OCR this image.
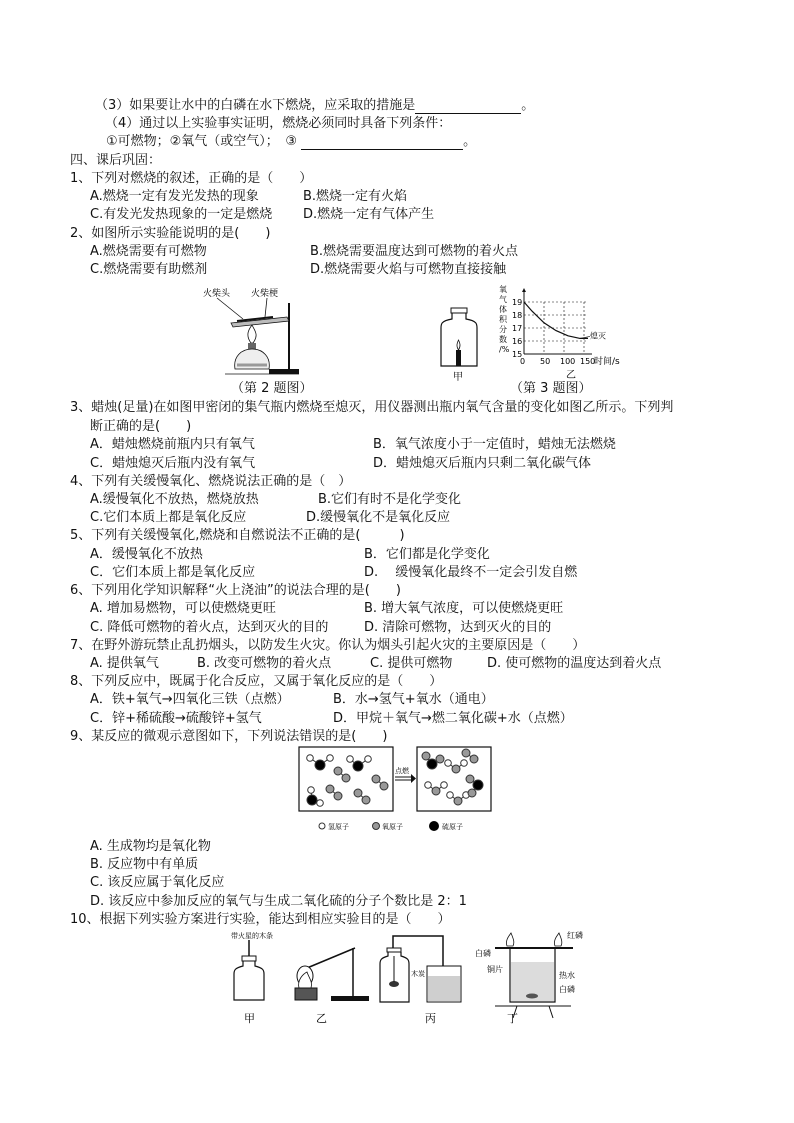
（3）如果要让水中的白磷在水下燃烧，应采取的措施是	。
（4）通过以上实验事实证明，燃烧必须同时具备下列条件：
①可燃物；②氧气（或空气）；　 ③	。
四、课后巩固：
1、下列对燃烧的叙述，正确的是（　　）
A.燃烧一定有发光发热的现象	B.燃烧一定有火焰
C.有发光发热现象的一定是燃烧 D.燃烧一定有气体产生
2、如图所示实验能说明的是(　　)
A.燃烧需要有可燃物	B.燃烧需要温度达到可燃物的着火点
C.燃烧需要有助燃剂	D.燃烧需要火焰与可燃物直接接触
火柴头 火柴梗
（第 2 题图）
甲
氧
气
体
积
分
数
/%
19
18
17
16
15
0 50 100 150
熄灭
时间/s
乙
（第 3 题图）
3、蜡烛(足量)在如图甲密闭的集气瓶内燃烧至熄灭，用仪器测出瓶内氧气含量的变化如图乙所示。下列判
断正确的是(　　)
A．蜡烛燃烧前瓶内只有氧气	B．氧气浓度小于一定值时，蜡烛无法燃烧
C．蜡烛熄灭后瓶内没有氧气	D．蜡烛熄灭后瓶内只剩二氧化碳气体
4、下列有关缓慢氧化、燃烧说法正确的是（　）
A.缓慢氧化不放热，燃烧放热	B.它们有时不是化学变化
C.它们本质上都是氧化反应	D.缓慢氧化不是氧化反应
5、下列有关缓慢氧化,燃烧和自燃说法不正确的是(　　　)
A．缓慢氧化不放热	B．它们都是化学变化
C．它们本质上都是氧化反应	D.　 缓慢氧化最终不一定会引发自燃
6、下列用化学知识解释“火上浇油”的说法合理的是(　　)
A. 增加易燃物，可以使燃烧更旺	B. 增大氧气浓度，可以使燃烧更旺
C. 降低可燃物的着火点，达到灭火的目的	D. 清除可燃物，达到灭火的目的
7、在野外游玩禁止乱扔烟头，以防发生火灾。你认为烟头引起火灾的主要原因是（　　）
A. 提供氧气	B. 改变可燃物的着火点	C. 提供可燃物	D. 使可燃物的温度达到着火点
8、下列反应中，既属于化合反应，又属于氧化反应的是（　　）
A．铁+氧气→四氧化三铁（点燃）	B．水→氢气+氧水（通电）
C．锌+稀硫酸→硫酸锌+氢气	D．甲烷＋氧气→燃二氧化碳+水（点燃）
9、某反应的微观示意图如下，下列说法错误的是(　　)
点燃
氢原子	氧原子	硫原子
A. 生成物均是氧化物
B. 反应物中有单质
C. 该反应属于氧化反应
D. 该反应中参加反应的氧气与生成二氧化硫的分子个数比是 2：1
10、根据下列实验方案进行实验，能达到相应实验目的是（　　）
带火星的木条
甲	乙
木炭
丙
红磷
白磷
铜片
热水
白磷
丁
